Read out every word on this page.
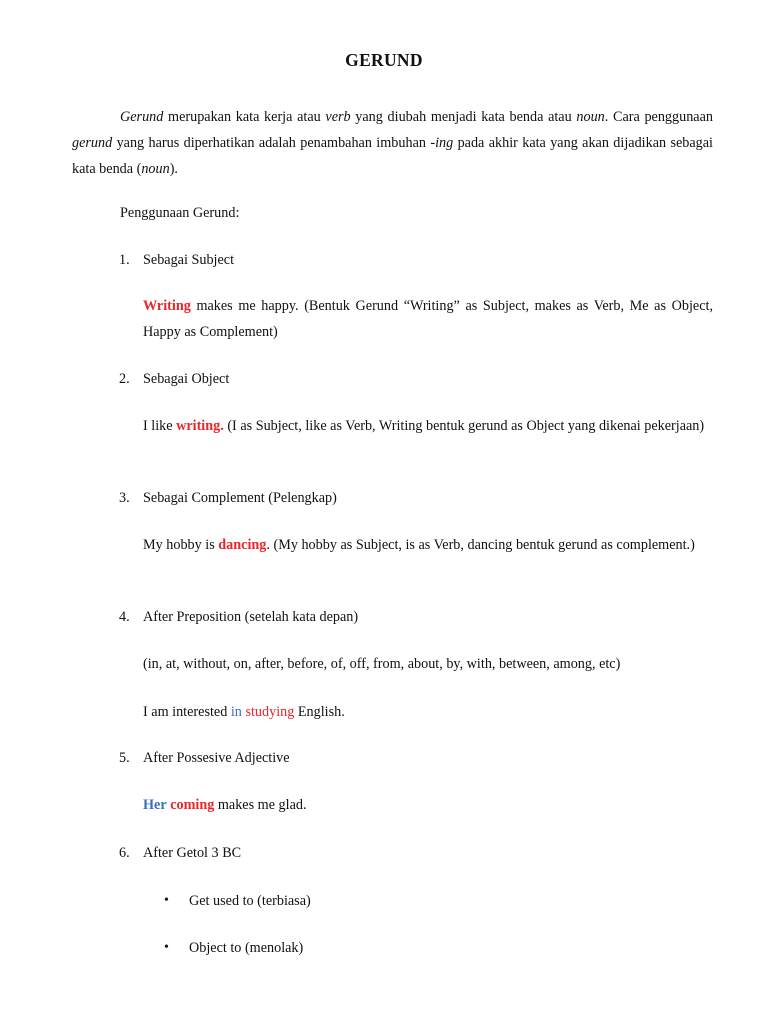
GERUND
Gerund merupakan kata kerja atau verb yang diubah menjadi kata benda atau noun. Cara penggunaan gerund yang harus diperhatikan adalah penambahan imbuhan -ing pada akhir kata yang akan dijadikan sebagai kata benda (noun).
Penggunaan Gerund:
1. Sebagai Subject
Writing makes me happy. (Bentuk Gerund “Writing” as Subject, makes as Verb, Me as Object, Happy as Complement)
2. Sebagai Object
I like writing. (I as Subject, like as Verb, Writing bentuk gerund as Object yang dikenai pekerjaan)
3. Sebagai Complement (Pelengkap)
My hobby is dancing. (My hobby as Subject, is as Verb, dancing bentuk gerund as complement.)
4. After Preposition (setelah kata depan)
(in, at, without, on, after, before, of, off, from, about, by, with, between, among, etc)
I am interested in studying English.
5. After Possesive Adjective
Her coming makes me glad.
6. After Getol 3 BC
• Get used to (terbiasa)
• Object to (menolak)
